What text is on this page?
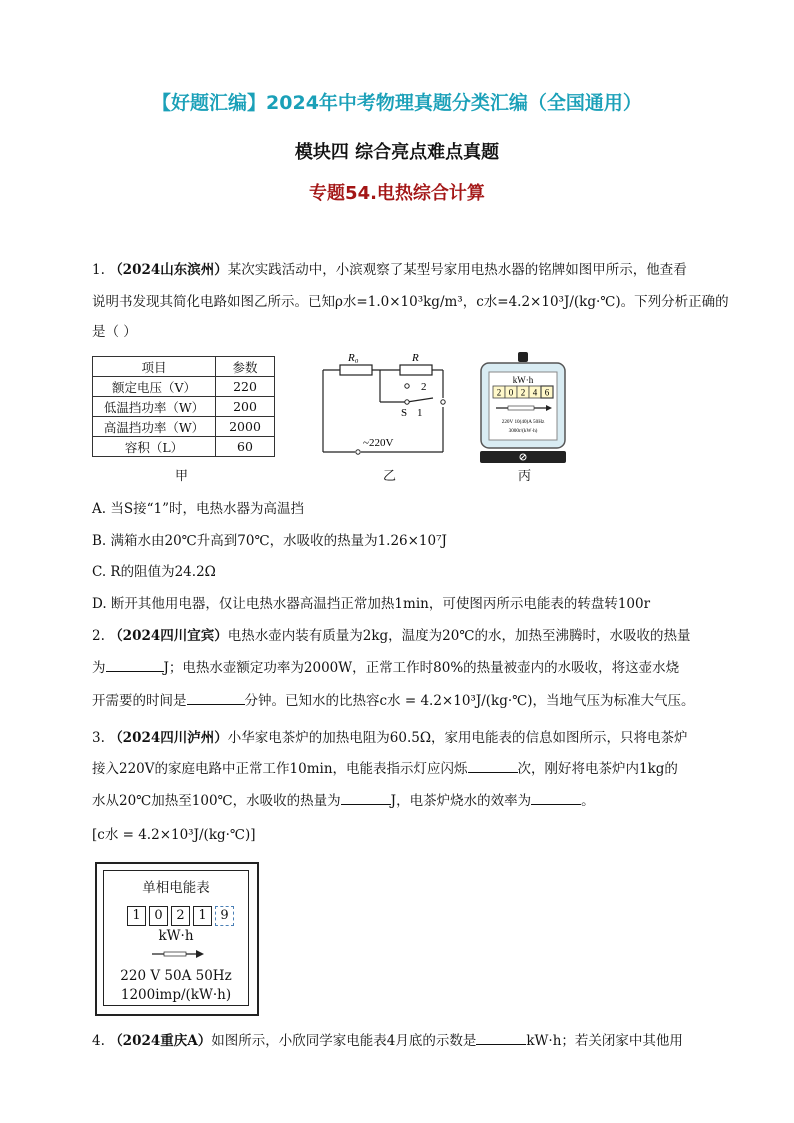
【好题汇编】2024年中考物理真题分类汇编（全国通用）
模块四 综合亮点难点真题
专题54.电热综合计算
1. （2024山东滨州）某次实践活动中，小滨观察了某型号家用电热水器的铭牌如图甲所示，他查看
说明书发现其简化电路如图乙所示。已知ρ水=1.0×10³kg/m³，c水=4.2×10³J/(kg·℃)。下列分析正确的
是（ ）
项目	参数
额定电压（V）	220
低温挡功率（W）	200
高温挡功率（W）	2000
容积（L）	60
甲
R₀	R
2
S 1
~220V
乙
kW·h
2 0 2 4 6
220V 10(40)A 50Hz
3000r/(kW·h)
丙
A. 当S接“1”时，电热水器为高温挡
B. 满箱水由20℃升高到70℃，水吸收的热量为1.26×10⁷J
C. R的阻值为24.2Ω
D. 断开其他用电器，仅让电热水器高温挡正常加热1min，可使图丙所示电能表的转盘转100r
2. （2024四川宜宾）电热水壶内装有质量为2kg，温度为20℃的水，加热至沸腾时，水吸收的热量
为	J；电热水壶额定功率为2000W，正常工作时80%的热量被壶内的水吸收，将这壶水烧
开需要的时间是	分钟。已知水的比热容c水 = 4.2×10³J/(kg·℃)，当地气压为标准大气压。
3. （2024四川泸州）小华家电茶炉的加热电阻为60.5Ω，家用电能表的信息如图所示，只将电茶炉
接入220V的家庭电路中正常工作10min，电能表指示灯应闪烁	次，刚好将电茶炉内1kg的
水从20℃加热至100℃，水吸收的热量为	J，电茶炉烧水的效率为	。
[c水 = 4.2×10³J/(kg·℃)]
单相电能表
1	0	2	1	9
kW·h
220 V 50A 50Hz
1200imp/(kW·h)
4. （2024重庆A）如图所示，小欣同学家电能表4月底的示数是	kW·h；若关闭家中其他用
